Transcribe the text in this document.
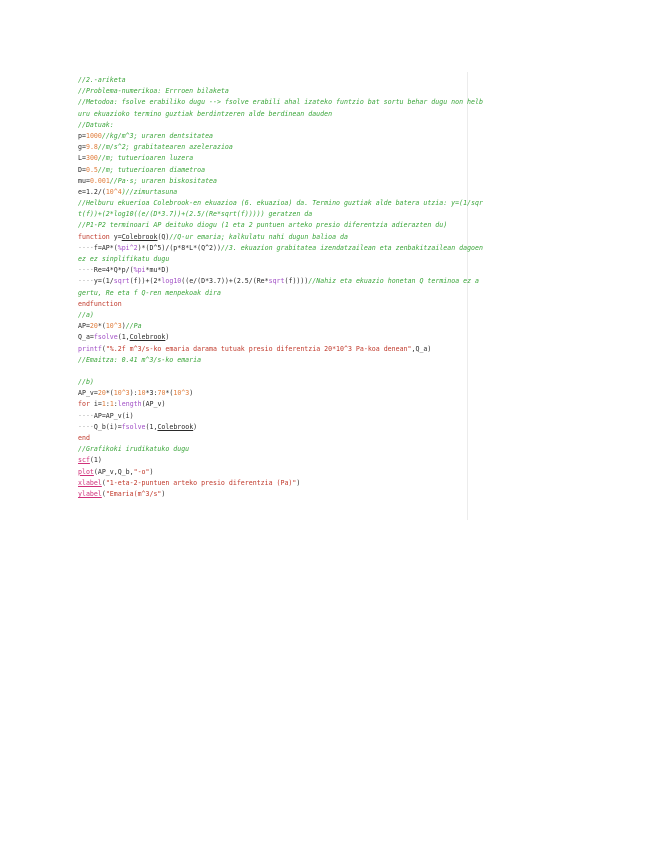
//2.-ariketa
//Problema-numerikoa: Errroen bilaketa
//Metodoa: fsolve erabiliko dugu --> fsolve erabili ahal izateko funtzio bat sortu behar dugu non helb
uru ekuazioko termino guztiak berdintzeren alde berdinean dauden
//Datuak:
p=1000//kg/m^3; uraren dentsitatea
g=9.8//m/s^2; grabitatearen azelerazioa
L=300//m; tutuerioaren luzera
D=0.5//m; tutuerioaren diametroa
mu=0.001//Pa·s; uraren biskositatea
e=1.2/(10^4)//zimurtasuna
//Helburu ekuerioa Colebrook-en ekuazioa (6. ekuazioa) da. Termino guztiak alde batera utzia: y=(1/sqr
t(f))+(2*log10((e/(D*3.7))+(2.5/(Re*sqrt(f))))) geratzen da
//P1-P2 terminoari AP deituko diogu (1 eta 2 puntuen arteko presio diferentzia adierazten du)
function y=Colebrook(Q)//Q-ur emaria; kalkulatu nahi dugun balioa da
····f=AP*(%pi^2)*(D^5)/(p*8*L*(Q^2))//3. ekuazion grabitatea izendatzailean eta zenbakitzailean dagoen
ez ez sinplifikatu dugu
····Re=4*Q*p/(%pi*mu*D)
····y=(1/sqrt(f))+(2*log10((e/(D*3.7))+(2.5/(Re*sqrt(f))))//Nahiz eta ekuazio honetan Q terminoa ez a
gertu, Re eta f Q-ren menpekoak dira
endfunction
//a)
AP=20*(10^3)//Pa
Q_a=fsolve(1,Colebrook)
printf("%.2f m^3/s-ko emaria darama tutuak presio diferentzia 20*10^3 Pa-koa denean",Q_a)
//Emaitza: 0.41 m^3/s-ko emaria
//b)
AP_v=20*(10^3):10*3:70*(10^3)
for i=1:1:length(AP_v)
····AP=AP_v(i)
····Q_b(i)=fsolve(1,Colebrook)
end
//Grafikoki irudikatuko dugu
scf(1)
plot(AP_v,Q_b,"-o")
xlabel("1-eta-2-puntuen arteko presio diferentzia (Pa)")
ylabel("Emaria(m^3/s")
